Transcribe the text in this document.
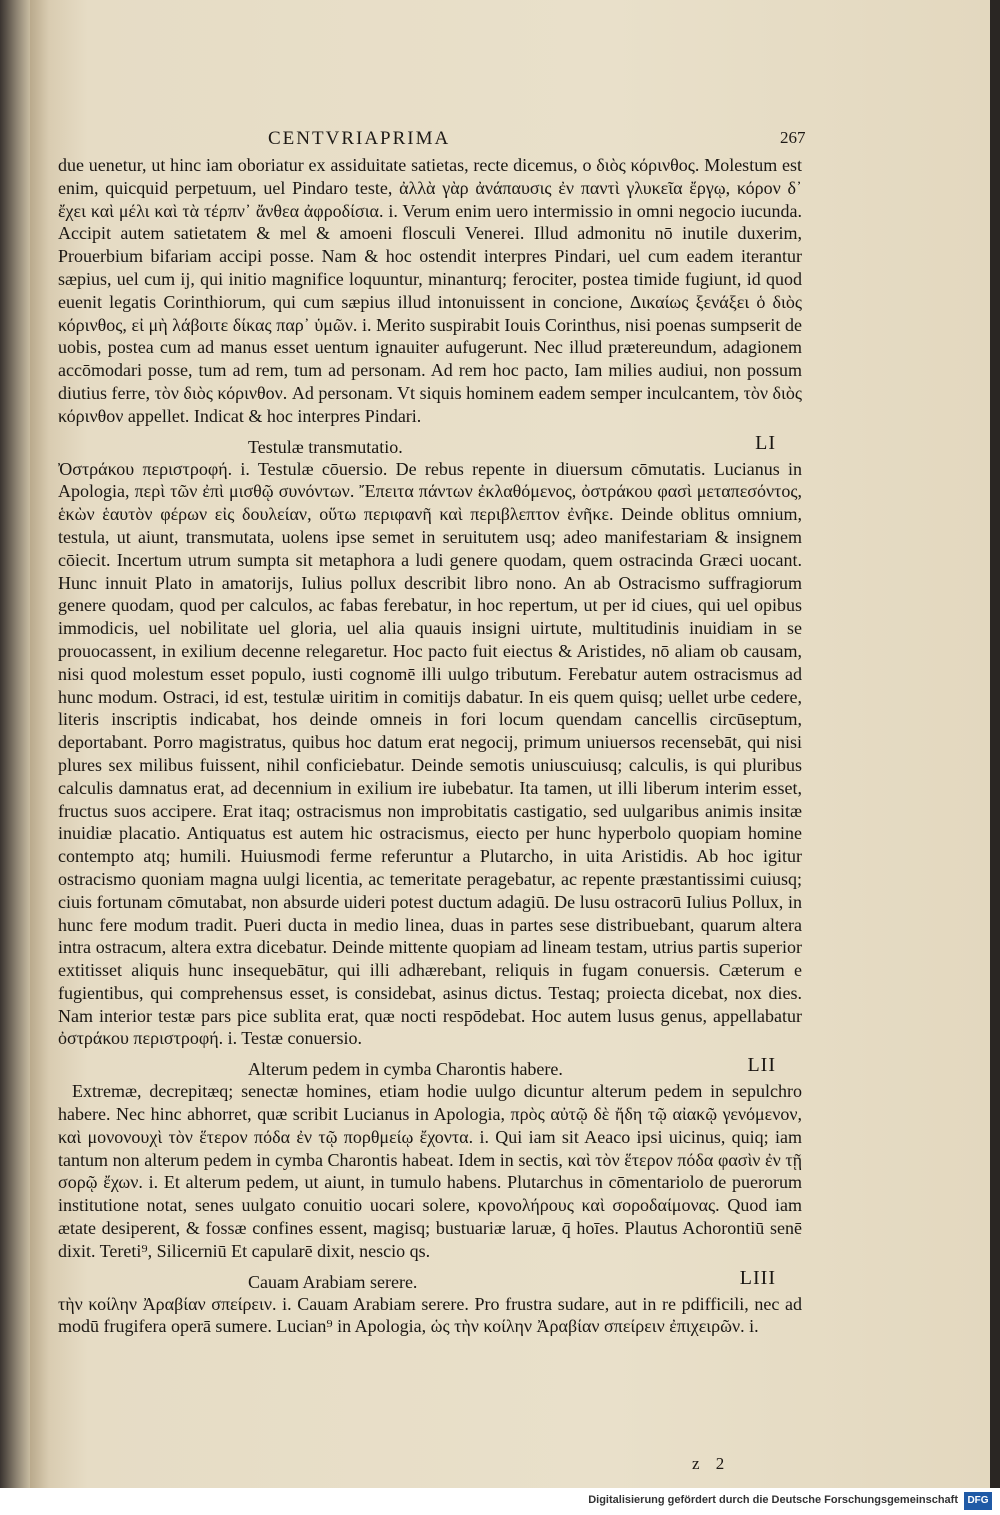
CENTVRIAPRIMA	267

due uenetur, ut hinc iam oboriatur ex assiduitate satietas, recte dicemus, ο διὸς κόρινθος. Molestum est enim, quicquid perpetuum, uel Pindaro teste, ἀλλὰ γὰρ ἀνάπαυσις ἐν παντὶ γλυκεῖα ἔργῳ, κόρον δ᾽ ἔχει καὶ μέλι καὶ τὰ τέρπν᾽ ἄνθεα ἀφροδίσια. i. Verum enim uero intermissio in omni negocio iucunda. Accipit autem satietatem & mel & amoeni flosculi Venerei. Illud admonitu nō inutile duxerim, Prouerbium bifariam accipi posse. Nam & hoc ostendit interpres Pindari, uel cum eadem iterantur sæpius, uel cum ij, qui initio magnifice loquuntur, minanturq; ferociter, postea timide fugiunt, id quod euenit legatis Corinthiorum, qui cum sæpius illud intonuissent in concione, Δικαίως ξενάξει ὁ διὸς κόρινθος, εἰ μὴ λάβοιτε δίκας παρ᾽ ὑμῶν. i. Merito suspirabit Iouis Corinthus, nisi poenas sumpserit de uobis, postea cum ad manus esset uentum ignauiter aufugerunt. Nec illud prætereundum, adagionem accōmodari posse, tum ad rem, tum ad personam. Ad rem hoc pacto, Iam milies audiui, non possum diutius ferre, τὸν διὸς κόρινθον. Ad personam. Vt siquis hominem eadem semper inculcantem, τὸν διὸς κόρινθον appellet. Indicat & hoc interpres Pindari.

Testulæ transmutatio.	LI

Ὀστράκου περιστροφή. i. Testulæ cōuersio. De rebus repente in diuersum cōmutatis. Lucianus in Apologia, περὶ τῶν ἐπὶ μισθῷ συνόντων. Ἔπειτα πάντων ἐκλαθόμενος, ὀστράκου φασὶ μεταπεσόντος, ἑκὼν ἑαυτὸν φέρων εἰς δουλείαν, οὕτω περιφανῆ καὶ περιβλεπτον ἐνῆκε. Deinde oblitus omnium, testula, ut aiunt, transmutata, uolens ipse semet in seruitutem usq; adeo manifestariam & insignem cōiecit. Incertum utrum sumpta sit metaphora a ludi genere quodam, quem ostracinda Græci uocant. Hunc innuit Plato in amatorijs, Iulius pollux describit libro nono. An ab Ostracismo suffragiorum genere quodam, quod per calculos, ac fabas ferebatur, in hoc repertum, ut per id ciues, qui uel opibus immodicis, uel nobilitate uel gloria, uel alia quauis insigni uirtute, multitudinis inuidiam in se prouocassent, in exilium decenne relegaretur. Hoc pacto fuit eiectus & Aristides, nō aliam ob causam, nisi quod molestum esset populo, iusti cognomē illi uulgo tributum. Ferebatur autem ostracismus ad hunc modum. Ostraci, id est, testulæ uiritim in comitijs dabatur. In eis quem quisq; uellet urbe cedere, literis inscriptis indicabat, hos deinde omneis in fori locum quendam cancellis circūseptum, deportabant. Porro magistratus, quibus hoc datum erat negocij, primum uniuersos recensebāt, qui nisi plures sex milibus fuissent, nihil conficiebatur. Deinde semotis uniuscuiusq; calculis, is qui pluribus calculis damnatus erat, ad decennium in exilium ire iubebatur. Ita tamen, ut illi liberum interim esset, fructus suos accipere. Erat itaq; ostracismus non improbitatis castigatio, sed uulgaribus animis insitæ inuidiæ placatio. Antiquatus est autem hic ostracismus, eiecto per hunc hyperbolo quopiam homine contempto atq; humili. Huiusmodi ferme referuntur a Plutarcho, in uita Aristidis. Ab hoc igitur ostracismo quoniam magna uulgi licentia, ac temeritate peragebatur, ac repente præstantissimi cuiusq; ciuis fortunam cōmutabat, non absurde uideri potest ductum adagiū. De lusu ostracorū Iulius Pollux, in hunc fere modum tradit. Pueri ducta in medio linea, duas in partes sese distribuebant, quarum altera intra ostracum, altera extra dicebatur. Deinde mittente quopiam ad lineam testam, utrius partis superior extitisset aliquis hunc insequebātur, qui illi adhærebant, reliquis in fugam conuersis. Cæterum e fugientibus, qui comprehensus esset, is considebat, asinus dictus. Testaq; proiecta dicebat, nox dies. Nam interior testæ pars pice sublita erat, quæ nocti respōdebat. Hoc autem lusus genus, appellabatur ὀστράκου περιστροφή. i. Testæ conuersio.

Alterum pedem in cymba Charontis habere.	LII

Extremæ, decrepitæq; senectæ homines, etiam hodie uulgo dicuntur alterum pedem in sepulchro habere. Nec hinc abhorret, quæ scribit Lucianus in Apologia, πρὸς αὐτῷ δὲ ἤδη τῷ αἰακῷ γενόμενον, καὶ μονονουχὶ τὸν ἕτερον πόδα ἐν τῷ πορθμείῳ ἔχοντα. i. Qui iam sit Aeaco ipsi uicinus, quiq; iam tantum non alterum pedem in cymba Charontis habeat. Idem in sectis, καὶ τὸν ἕτερον πόδα φασὶν ἐν τῇ σορῷ ἔχων. i. Et alterum pedem, ut aiunt, in tumulo habens. Plutarchus in cōmentariolo de puerorum institutione notat, senes uulgato conuitio uocari solere, κρονολήρους καὶ σοροδαίμονας. Quod iam ætate desiperent, & fossæ confines essent, magisq; bustuariæ laruæ, q̄ hoīes. Plautus Achorontiū senē dixit. Tereti⁹, Silicerniū Et capularē dixit, nescio qs.

Cauam Arabiam serere.	LIII

τὴν κοίλην Ἀραβίαν σπείρειν. i. Cauam Arabiam serere. Pro frustra sudare, aut in re pdifficili, nec ad modū frugifera operā sumere. Lucian⁹ in Apologia, ὡς τὴν κοίλην Ἀραβίαν σπείρειν ἐπιχειρῶν. i.

z 2
Digitalisierung gefördert durch die Deutsche Forschungsgemeinschaft DFG
